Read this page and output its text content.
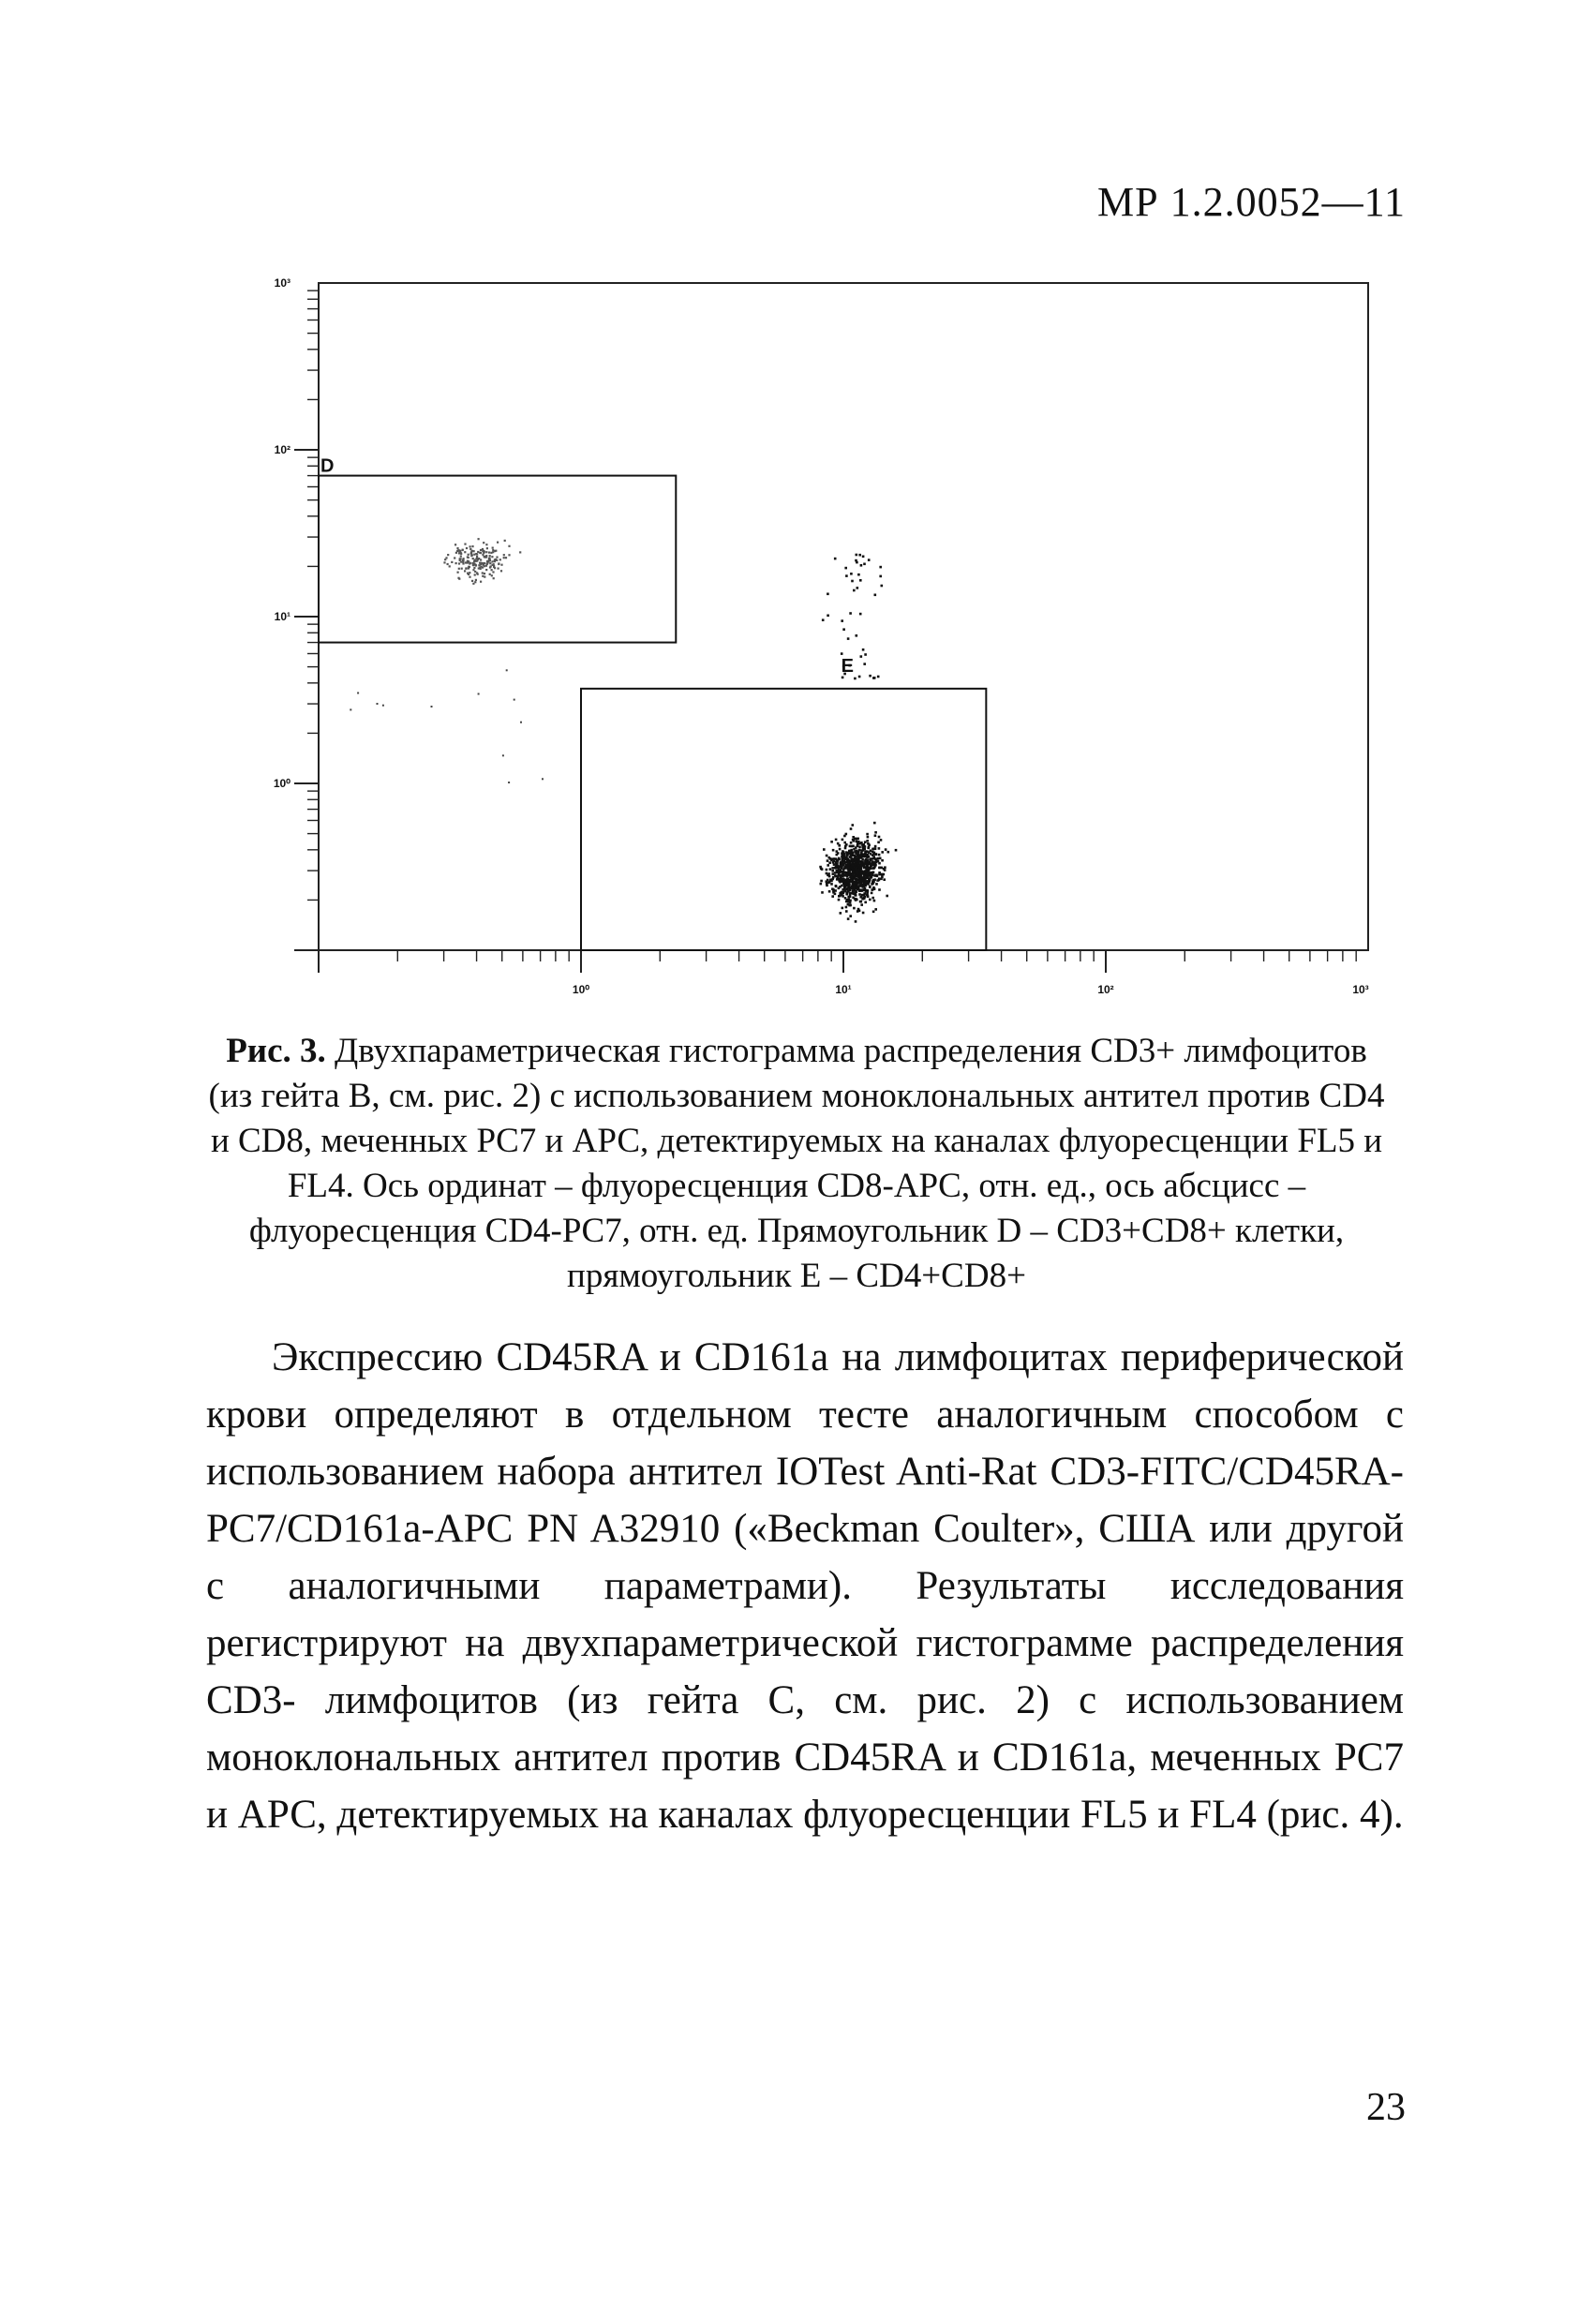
МР 1.2.0052—11
D
E
10³
10²
10¹
10⁰
10⁰	10¹	10²	10³
Рис. 3. Двухпараметрическая гистограмма распределения CD3+ лимфоцитов (из гейта В, см. рис. 2) с использованием моноклональных антител против CD4 и CD8, меченных PC7 и АРС, детектируемых на каналах флуоресценции FL5 и FL4. Ось ординат – флуоресценция CD8-APC, отн. ед., ось абсцисс – флуоресценция CD4-PC7, отн. ед. Прямоугольник D – CD3+CD8+ клетки, прямоугольник Е – CD4+CD8+

Экспрессию CD45RA и CD161a на лимфоцитах периферической крови определяют в отдельном тесте аналогичным способом с использованием набора антител IOTest Anti-Rat CD3-FITC/CD45RA-PC7/CD161a-APC PN A32910 («Beckman Coulter», США или другой с аналогичными параметрами). Результаты исследования регистрируют на двухпараметрической гистограмме распределения CD3- лимфоцитов (из гейта С, см. рис. 2) с использованием моноклональных антител против CD45RA и CD161a, меченных PC7 и АРС, детектируемых на каналах флуоресценции FL5 и FL4 (рис. 4).

23
